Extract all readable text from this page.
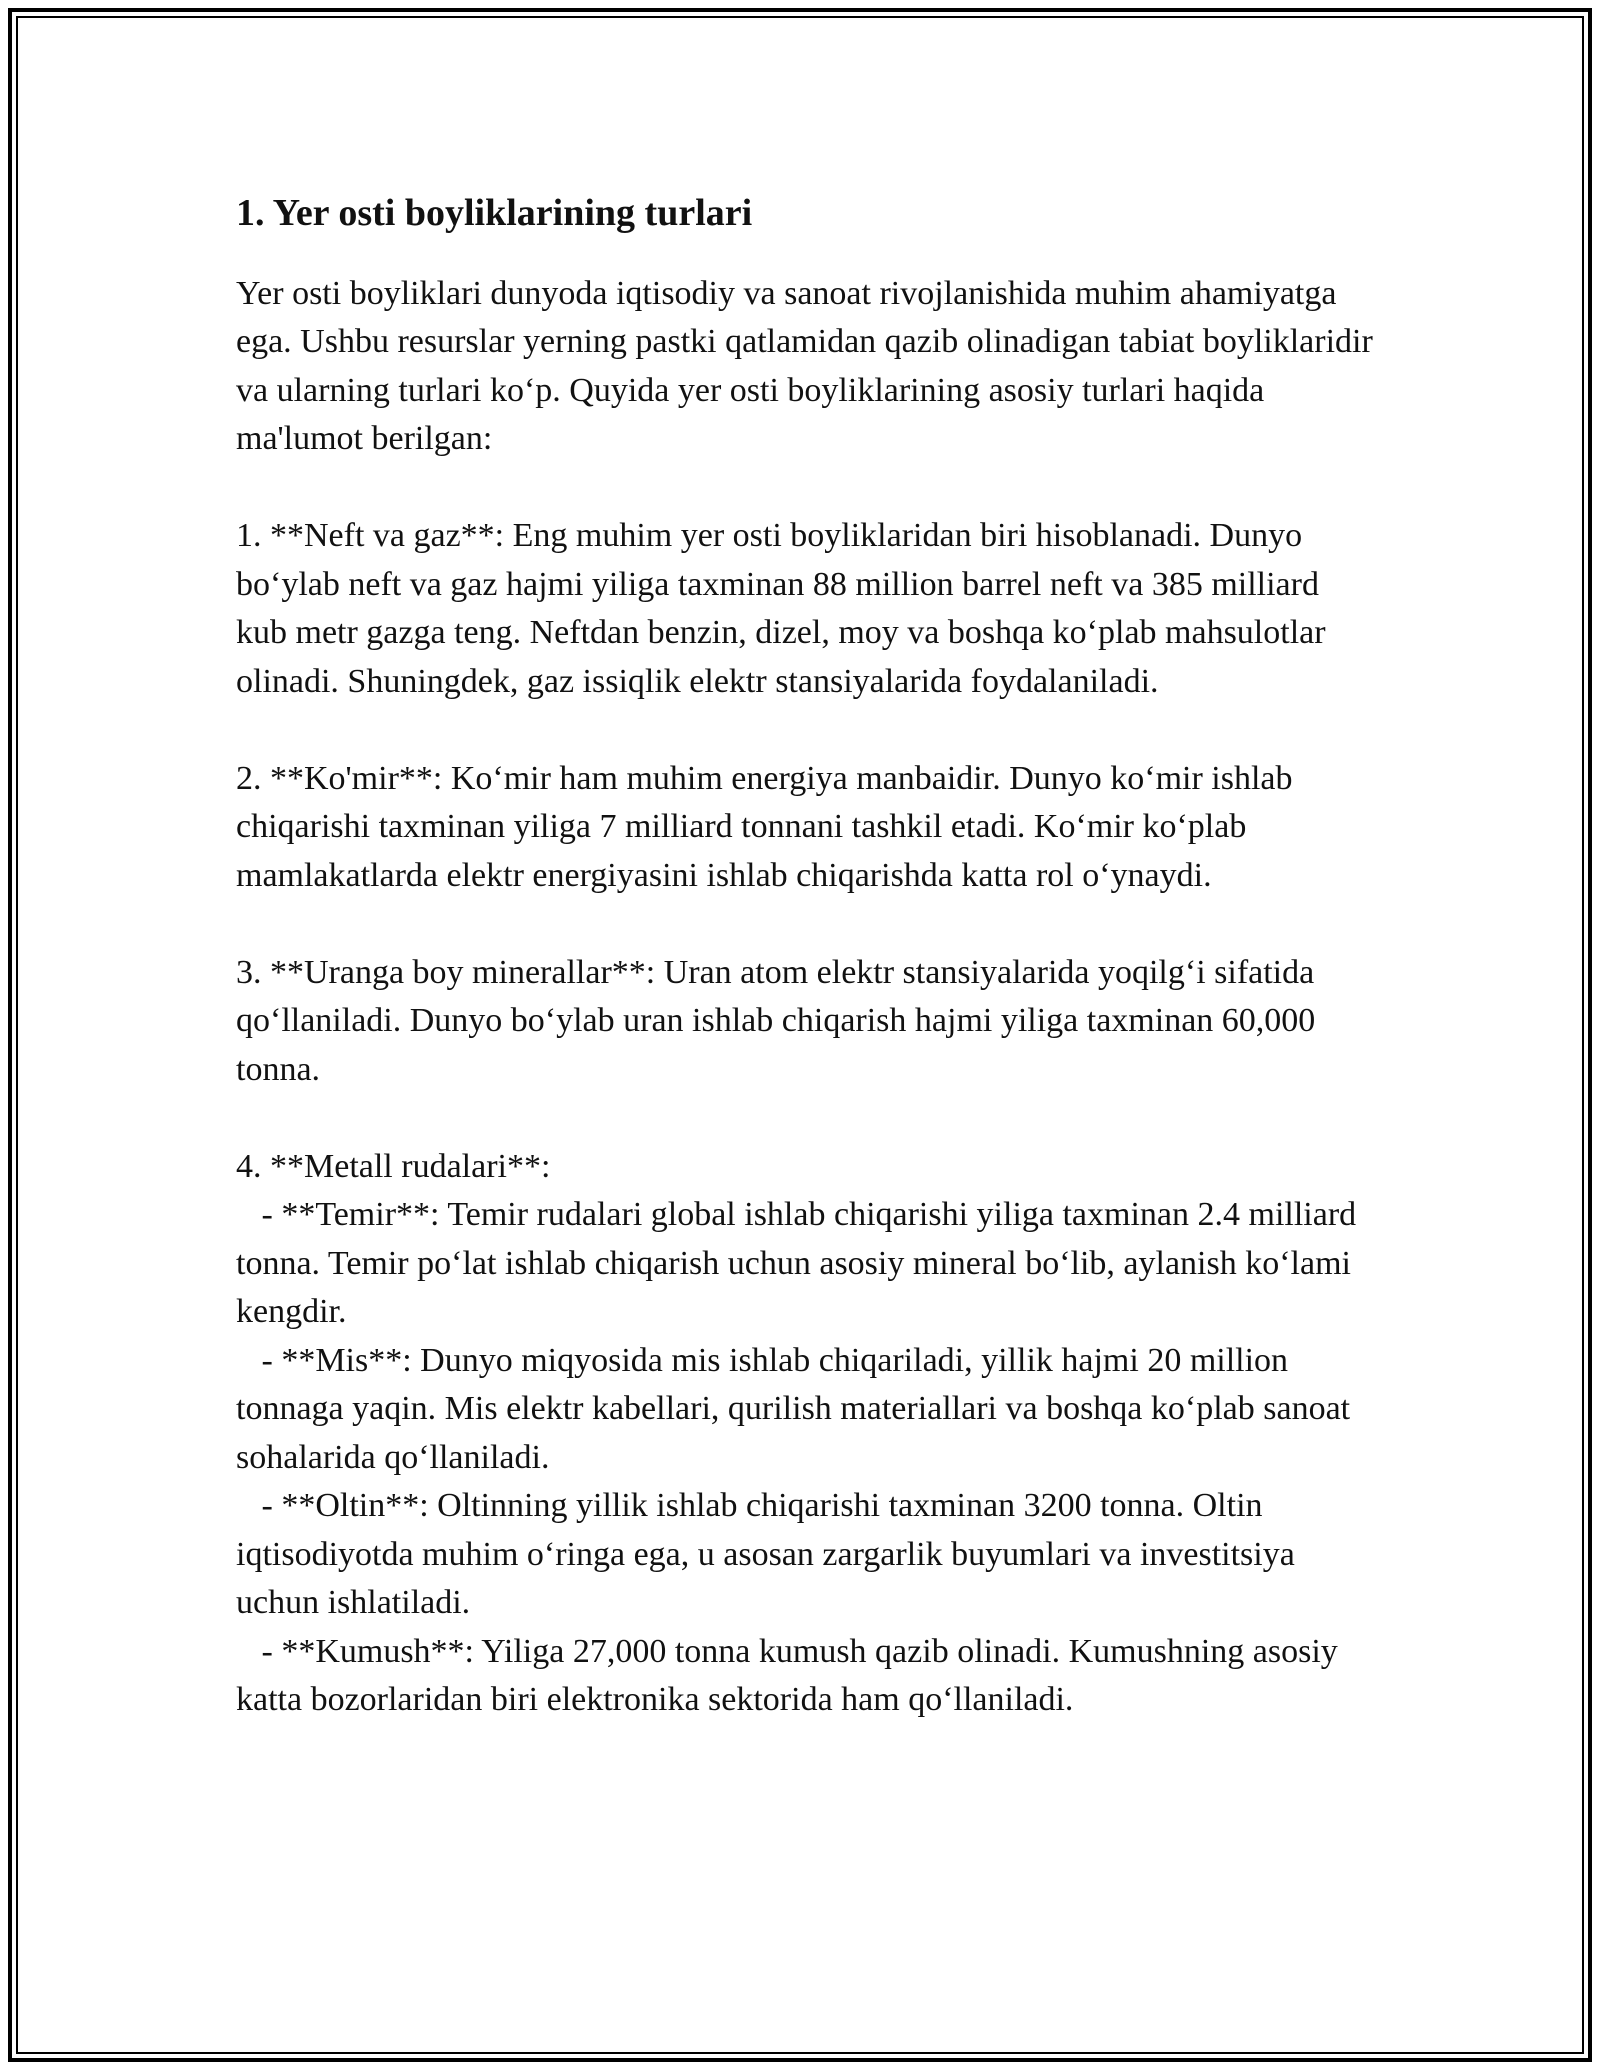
1. Yer osti boyliklarining turlari

Yer osti boyliklari dunyoda iqtisodiy va sanoat rivojlanishida muhim ahamiyatga ega. Ushbu resurslar yerning pastki qatlamidan qazib olinadigan tabiat boyliklaridir va ularning turlari ko‘p. Quyida yer osti boyliklarining asosiy turlari haqida ma'lumot berilgan:

1. **Neft va gaz**: Eng muhim yer osti boyliklaridan biri hisoblanadi. Dunyo bo‘ylab neft va gaz hajmi yiliga taxminan 88 million barrel neft va 385 milliard kub metr gazga teng. Neftdan benzin, dizel, moy va boshqa ko‘plab mahsulotlar olinadi. Shuningdek, gaz issiqlik elektr stansiyalarida foydalaniladi.

2. **Ko'mir**: Ko‘mir ham muhim energiya manbaidir. Dunyo ko‘mir ishlab chiqarishi taxminan yiliga 7 milliard tonnani tashkil etadi. Ko‘mir ko‘plab mamlakatlarda elektr energiyasini ishlab chiqarishda katta rol o‘ynaydi.

3. **Uranga boy minerallar**: Uran atom elektr stansiyalarida yoqilg‘i sifatida qo‘llaniladi. Dunyo bo‘ylab uran ishlab chiqarish hajmi yiliga taxminan 60,000 tonna.

4. **Metall rudalari**:

- **Temir**: Temir rudalari global ishlab chiqarishi yiliga taxminan 2.4 milliard tonna. Temir po‘lat ishlab chiqarish uchun asosiy mineral bo‘lib, aylanish ko‘lami kengdir.

- **Mis**: Dunyo miqyosida mis ishlab chiqariladi, yillik hajmi 20 million tonnaga yaqin. Mis elektr kabellari, qurilish materiallari va boshqa ko‘plab sanoat sohalarida qo‘llaniladi.

- **Oltin**: Oltinning yillik ishlab chiqarishi taxminan 3200 tonna. Oltin iqtisodiyotda muhim o‘ringa ega, u asosan zargarlik buyumlari va investitsiya uchun ishlatiladi.

- **Kumush**: Yiliga 27,000 tonna kumush qazib olinadi. Kumushning asosiy katta bozorlaridan biri elektronika sektorida ham qo‘llaniladi.
